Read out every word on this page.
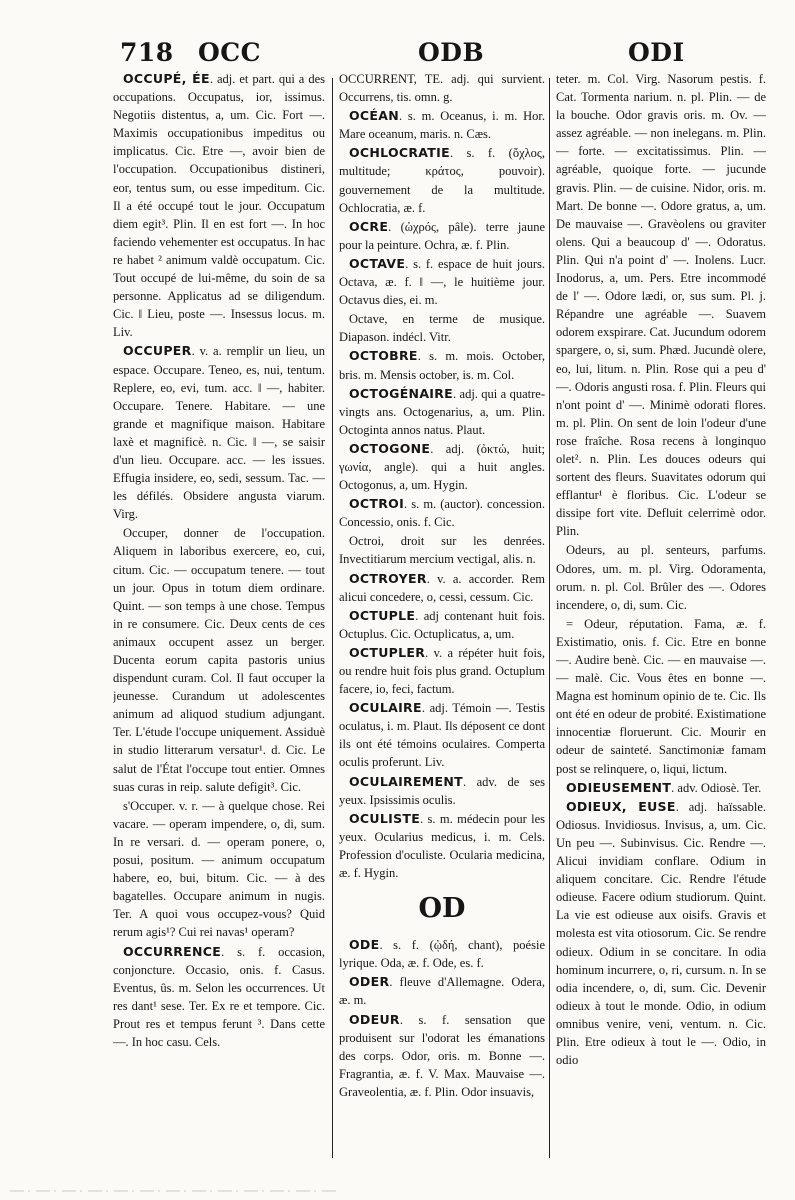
718 OCC	ODB	ODI

OCCUPÉ, ÉE. adj. et part. qui a des occupations. Occupatus, ior, issimus. Negotiis distentus, a, um. Cic. Fort —. Maximis occupationibus impeditus ou implicatus. Cic. Etre —, avoir bien de l'occupation. Occupationibus distineri, eor, tentus sum, ou esse impeditum. Cic. Il a été occupé tout le jour. Occupatum diem egit³. Plin. Il en est fort —. In hoc faciendo vehementer est occupatus. In hac re habet ² animum valdè occupatum. Cic. Tout occupé de lui-même, du soin de sa personne. Applicatus ad se diligendum. Cic. ‖ Lieu, poste —. Insessus locus. m. Liv.

OCCUPER. v. a. remplir un lieu, un espace. Occupare. Teneo, es, nui, tentum. Replere, eo, evi, tum. acc. ‖ —, habiter. Occupare. Tenere. Habitare. — une grande et magnifique maison. Habitare laxè et magnificè. n. Cic. ‖ —, se saisir d'un lieu. Occupare. acc. — les issues. Effugia insidere, eo, sedi, sessum. Tac. — les défilés. Obsidere angusta viarum. Virg.

Occuper, donner de l'occupation. Aliquem in laboribus exercere, eo, cui, citum. Cic. — occupatum tenere. — tout un jour. Opus in totum diem ordinare. Quint. — son temps à une chose. Tempus in re consumere. Cic. Deux cents de ces animaux occupent assez un berger. Ducenta eorum capita pastoris unius dispendunt curam. Col. Il faut occuper la jeunesse. Curandum ut adolescentes animum ad aliquod studium adjungant. Ter. L'étude l'occupe uniquement. Assiduè in studio litterarum versatur¹. d. Cic. Le salut de l'État l'occupe tout entier. Omnes suas curas in reip. salute defigit³. Cic.

s'Occuper. v. r. — à quelque chose. Rei vacare. — operam impendere, o, di, sum. In re versari. d. — operam ponere, o, posui, positum. — animum occupatum habere, eo, bui, bitum. Cic. — à des bagatelles. Occupare animum in nugis. Ter. A quoi vous occupez-vous? Quid rerum agis¹? Cui rei navas¹ operam?

OCCURRENCE. s. f. occasion, conjoncture. Occasio, onis. f. Casus. Eventus, ûs. m. Selon les occurrences. Ut res dant¹ sese. Ter. Ex re et tempore. Cic. Prout res et tempus ferunt ³. Dans cette —. In hoc casu. Cels.

OCCURRENT, TE. adj. qui survient. Occurrens, tis. omn. g.

OCÉAN. s. m. Oceanus, i. m. Hor. Mare oceanum, maris. n. Cæs.

OCHLOCRATIE. s. f. (ὄχλος, multitude; κράτος, pouvoir). gouvernement de la multitude. Ochlocratia, æ. f.

OCRE. (ὠχρός, pâle). terre jaune pour la peinture. Ochra, æ. f. Plin.

OCTAVE. s. f. espace de huit jours. Octava, æ. f. ‖ —, le huitième jour. Octavus dies, ei. m.

Octave, en terme de musique. Diapason. indécl. Vitr.

OCTOBRE. s. m. mois. October, bris. m. Mensis october, is. m. Col.

OCTOGÉNAIRE. adj. qui a quatre-vingts ans. Octogenarius, a, um. Plin. Octoginta annos natus. Plaut.

OCTOGONE. adj. (ὀκτώ, huit; γωνία, angle). qui a huit angles. Octogonus, a, um. Hygin.

OCTROI. s. m. (auctor). concession. Concessio, onis. f. Cic.

Octroi, droit sur les denrées. Invectitiarum mercium vectigal, alis. n.

OCTROYER. v. a. accorder. Rem alicui concedere, o, cessi, cessum. Cic.

OCTUPLE. adj contenant huit fois. Octuplus. Cic. Octuplicatus, a, um.

OCTUPLER. v. a répéter huit fois, ou rendre huit fois plus grand. Octuplum facere, io, feci, factum.

OCULAIRE. adj. Témoin —. Testis oculatus, i. m. Plaut. Ils déposent ce dont ils ont été témoins oculaires. Comperta oculis proferunt. Liv.

OCULAIREMENT. adv. de ses yeux. Ipsissimis oculis.

OCULISTE. s. m. médecin pour les yeux. Ocularius medicus, i. m. Cels. Profession d'oculiste. Ocularia medicina, æ. f. Hygin.

OD

ODE. s. f. (ᾠδή, chant), poésie lyrique. Oda, æ. f. Ode, es. f.

ODER. fleuve d'Allemagne. Odera, æ. m.

ODEUR. s. f. sensation que produisent sur l'odorat les émanations des corps. Odor, oris. m. Bonne —. Fragrantia, æ. f. V. Max. Mauvaise —. Graveolentia, æ. f. Plin. Odor insuavis,

teter. m. Col. Virg. Nasorum pestis. f. Cat. Tormenta narium. n. pl. Plin. — de la bouche. Odor gravis oris. m. Ov. — assez agréable. — non inelegans. m. Plin. — forte. — excitatissimus. Plin. — agréable, quoique forte. — jucunde gravis. Plin. — de cuisine. Nidor, oris. m. Mart. De bonne —. Odore gratus, a, um. De mauvaise —. Gravèolens ou graviter olens. Qui a beaucoup d' —. Odoratus. Plin. Qui n'a point d' —. Inolens. Lucr. Inodorus, a, um. Pers. Etre incommodé de l' —. Odore lædi, or, sus sum. Pl. j. Répandre une agréable —. Suavem odorem exspirare. Cat. Jucundum odorem spargere, o, si, sum. Phæd. Jucundè olere, eo, lui, litum. n. Plin. Rose qui a peu d' —. Odoris angusti rosa. f. Plin. Fleurs qui n'ont point d' —. Minimè odorati flores. m. pl. Plin. On sent de loin l'odeur d'une rose fraîche. Rosa recens à longinquo olet². n. Plin. Les douces odeurs qui sortent des fleurs. Suavitates odorum qui efflantur¹ è floribus. Cic. L'odeur se dissipe fort vite. Defluit celerrimè odor. Plin.

Odeurs, au pl. senteurs, parfums. Odores, um. m. pl. Virg. Odoramenta, orum. n. pl. Col. Brûler des —. Odores incendere, o, di, sum. Cic.

= Odeur, réputation. Fama, æ. f. Existimatio, onis. f. Cic. Etre en bonne —. Audire benè. Cic. — en mauvaise —. — malè. Cic. Vous êtes en bonne —. Magna est hominum opinio de te. Cic. Ils ont été en odeur de probité. Existimatione innocentiæ floruerunt. Cic. Mourir en odeur de sainteté. Sanctimoniæ famam post se relinquere, o, liqui, lictum.

ODIEUSEMENT. adv. Odiosè. Ter.

ODIEUX, EUSE. adj. haïssable. Odiosus. Invidiosus. Invisus, a, um. Cic. Un peu —. Subinvisus. Cic. Rendre —. Alicui invidiam conflare. Odium in aliquem concitare. Cic. Rendre l'étude odieuse. Facere odium studiorum. Quint. La vie est odieuse aux oisifs. Gravis et molesta est vita otiosorum. Cic. Se rendre odieux. Odium in se concitare. In odia hominum incurrere, o, ri, cursum. n. In se odia incendere, o, di, sum. Cic. Devenir odieux à tout le monde. Odio, in odium omnibus venire, veni, ventum. n. Cic. Plin. Etre odieux à tout le —. Odio, in odio
